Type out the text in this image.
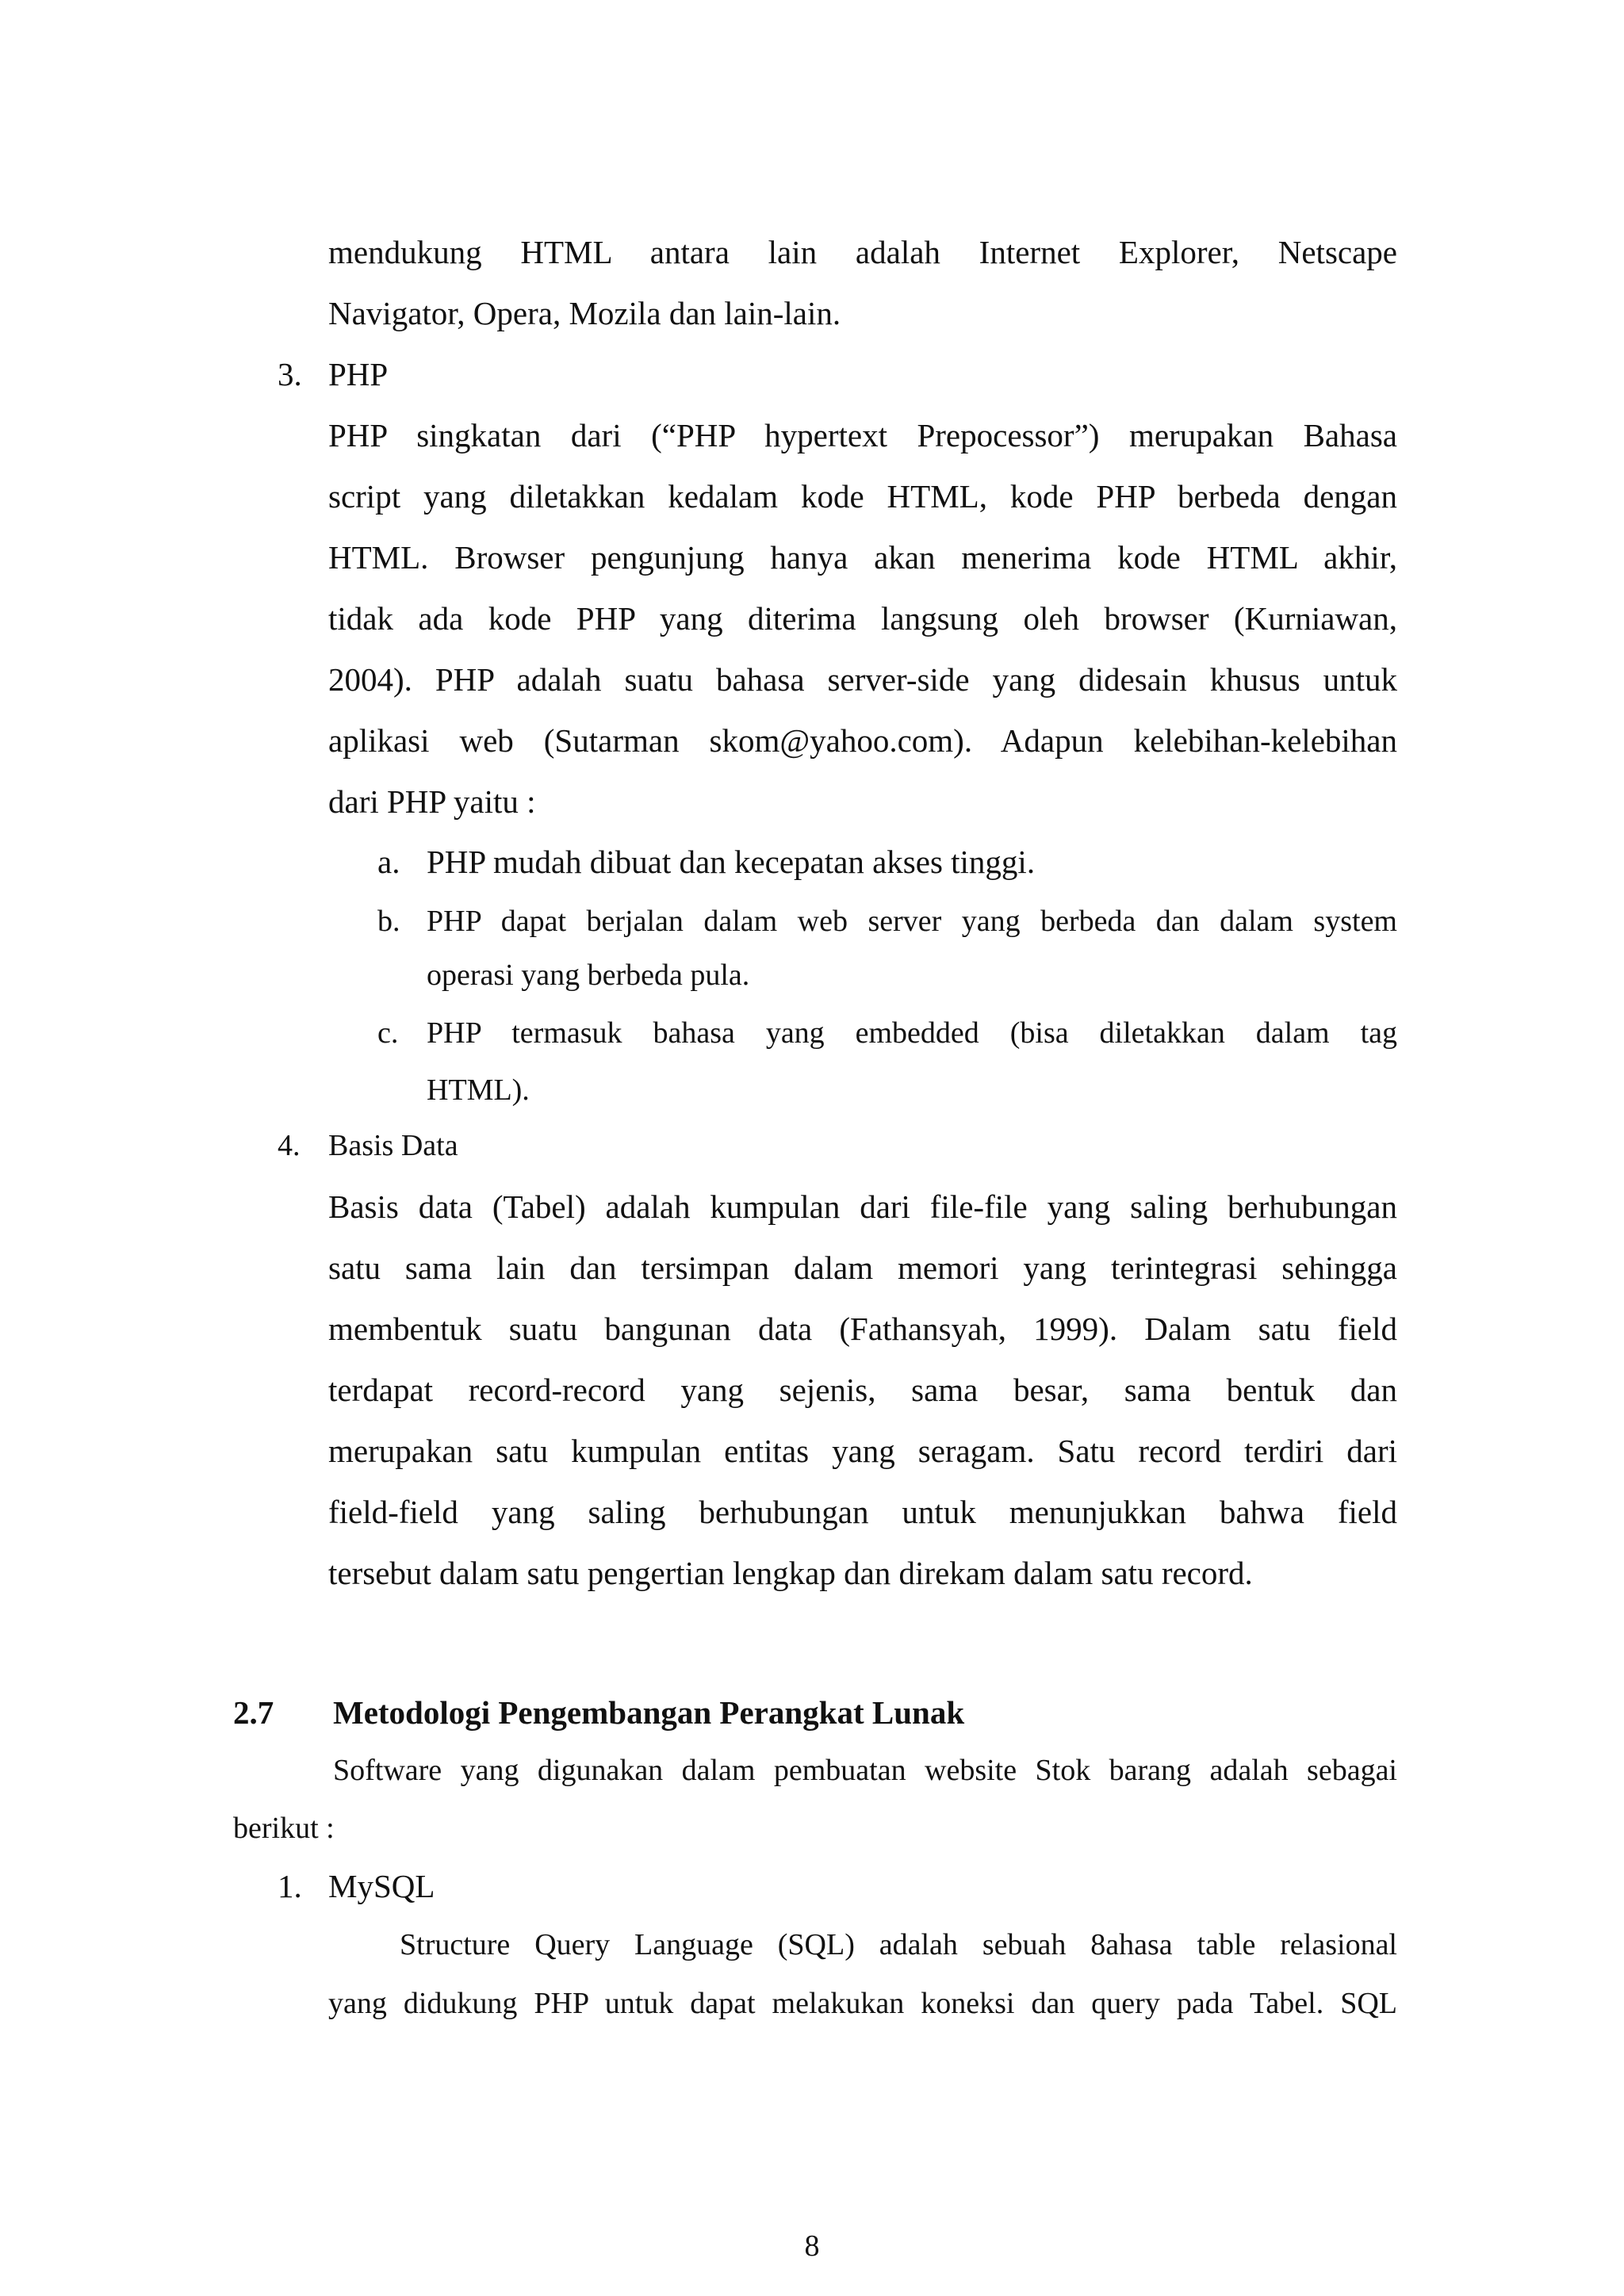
mendukung HTML antara lain adalah Internet Explorer, Netscape
Navigator, Opera, Mozila dan lain-lain.
3. PHP
PHP singkatan dari (“PHP hypertext Prepocessor”) merupakan Bahasa
script yang diletakkan kedalam kode HTML, kode PHP berbeda dengan
HTML. Browser pengunjung hanya akan menerima kode HTML akhir,
tidak ada kode PHP yang diterima langsung oleh browser (Kurniawan,
2004). PHP adalah suatu bahasa server-side yang didesain khusus untuk
aplikasi web (Sutarman skom@yahoo.com). Adapun kelebihan-kelebihan
dari PHP yaitu :
a. PHP mudah dibuat dan kecepatan akses tinggi.
b. PHP dapat berjalan dalam web server yang berbeda dan dalam system
operasi yang berbeda pula.
c. PHP termasuk bahasa yang embedded (bisa diletakkan dalam tag
HTML).
4. Basis Data
Basis data (Tabel) adalah kumpulan dari file-file yang saling berhubungan
satu sama lain dan tersimpan dalam memori yang terintegrasi sehingga
membentuk suatu bangunan data (Fathansyah, 1999). Dalam satu field
terdapat record-record yang sejenis, sama besar, sama bentuk dan
merupakan satu kumpulan entitas yang seragam. Satu record terdiri dari
field-field yang saling berhubungan untuk menunjukkan bahwa field
tersebut dalam satu pengertian lengkap dan direkam dalam satu record.
2.7 Metodologi Pengembangan Perangkat Lunak
Software yang digunakan dalam pembuatan website Stok barang adalah sebagai
berikut :
1. MySQL
Structure Query Language (SQL) adalah sebuah 8ahasa table relasional
yang didukung PHP untuk dapat melakukan koneksi dan query pada Tabel. SQL
8
